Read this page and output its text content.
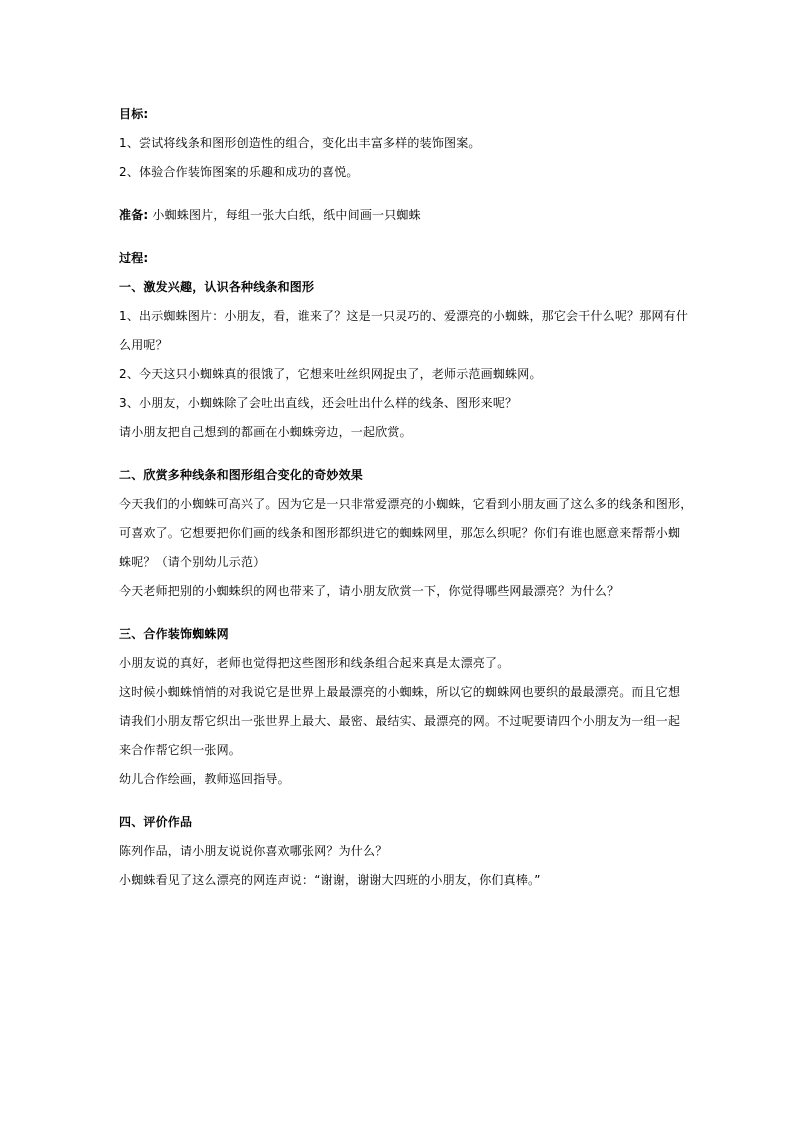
目标:
1、尝试将线条和图形创造性的组合，变化出丰富多样的装饰图案。
2、体验合作装饰图案的乐趣和成功的喜悦。
准备: 小蜘蛛图片，每组一张大白纸，纸中间画一只蜘蛛
过程:
一、激发兴趣，认识各种线条和图形
1、出示蜘蛛图片：小朋友，看，谁来了？这是一只灵巧的、爱漂亮的小蜘蛛，那它会干什么呢？那网有什
么用呢？
2、今天这只小蜘蛛真的很饿了，它想来吐丝织网捉虫了，老师示范画蜘蛛网。
3、小朋友，小蜘蛛除了会吐出直线，还会吐出什么样的线条、图形来呢？
请小朋友把自己想到的都画在小蜘蛛旁边，一起欣赏。
二、欣赏多种线条和图形组合变化的奇妙效果
今天我们的小蜘蛛可高兴了。因为它是一只非常爱漂亮的小蜘蛛，它看到小朋友画了这么多的线条和图形，
可喜欢了。它想要把你们画的线条和图形都织进它的蜘蛛网里，那怎么织呢？你们有谁也愿意来帮帮小蜘
蛛呢？（请个别幼儿示范）
今天老师把别的小蜘蛛织的网也带来了，请小朋友欣赏一下，你觉得哪些网最漂亮？为什么？
三、合作装饰蜘蛛网
小朋友说的真好，老师也觉得把这些图形和线条组合起来真是太漂亮了。
这时候小蜘蛛悄悄的对我说它是世界上最最漂亮的小蜘蛛，所以它的蜘蛛网也要织的最最漂亮。而且它想
请我们小朋友帮它织出一张世界上最大、最密、最结实、最漂亮的网。不过呢要请四个小朋友为一组一起
来合作帮它织一张网。
幼儿合作绘画，教师巡回指导。
四、评价作品
陈列作品，请小朋友说说你喜欢哪张网？为什么？
小蜘蛛看见了这么漂亮的网连声说：“谢谢，谢谢大四班的小朋友，你们真棒。”
